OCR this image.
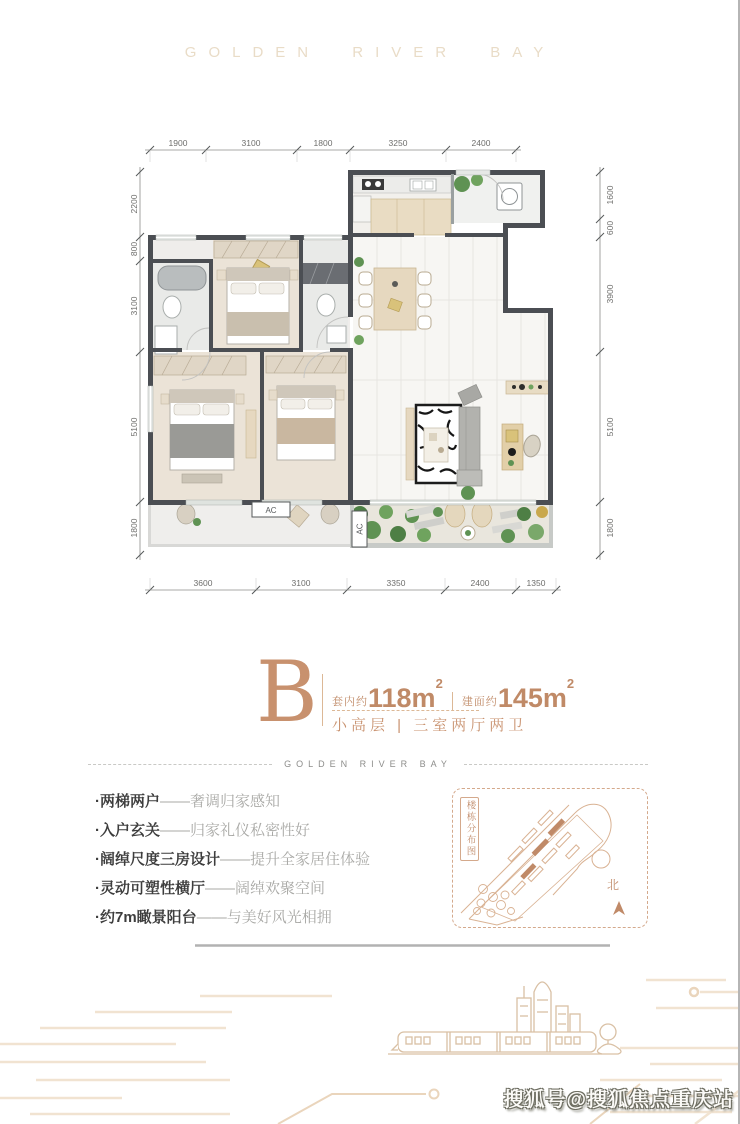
GOLDEN RIVER BAY
1900	3100	1800	3250	2400
3600	3100	3350	2400	1350
2200
800
3100
5100
1800
1600
600
3900
5100
1800
AC
AC
B 套内约 $118m^2$
建面约 $145m^2$
小高层 | 三室两厅两卫
GOLDEN RIVER BAY
·两梯两户——奢调归家感知
·入户玄关——归家礼仪私密性好
·阔绰尺度三房设计——提升全家居住体验
·灵动可塑性横厅——阔绰欢聚空间
·约7m瞰景阳台——与美好风光相拥
楼栋分布图
北
搜狐号@搜狐焦点重庆站
